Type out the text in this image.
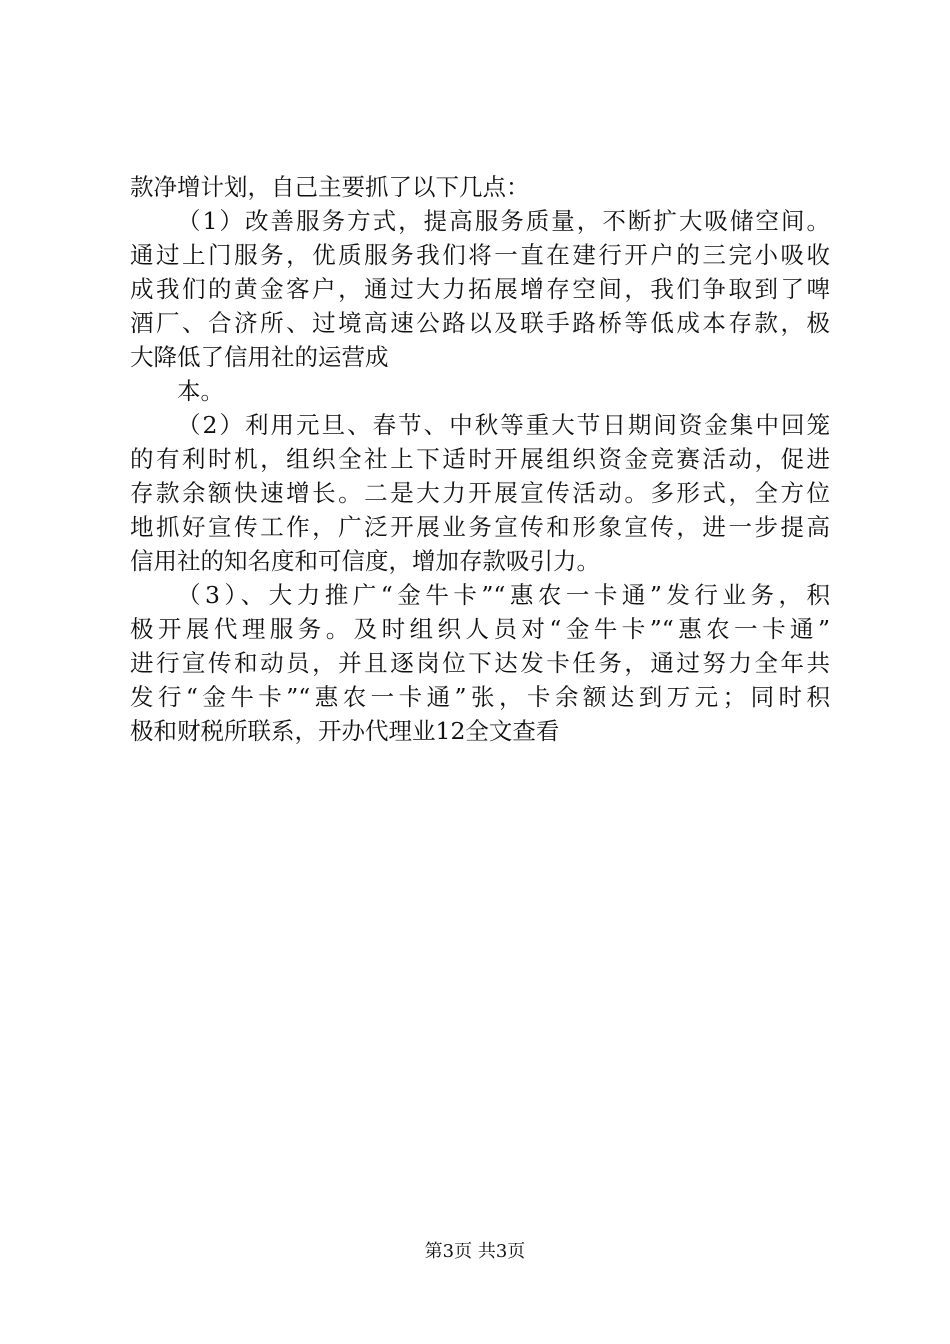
款净增计划，自己主要抓了以下几点：
（1）改善服务方式，提高服务质量，不断扩大吸储空间。
通过上门服务，优质服务我们将一直在建行开户的三完小吸收
成我们的黄金客户，通过大力拓展增存空间，我们争取到了啤
酒厂、合济所、过境高速公路以及联手路桥等低成本存款，极
大降低了信用社的运营成
本。
（2）利用元旦、春节、中秋等重大节日期间资金集中回笼
的有利时机，组织全社上下适时开展组织资金竞赛活动，促进
存款余额快速增长。二是大力开展宣传活动。多形式，全方位
地抓好宣传工作，广泛开展业务宣传和形象宣传，进一步提高
信用社的知名度和可信度，增加存款吸引力。
（3）、大力推广“金牛卡”“惠农一卡通”发行业务，积
极开展代理服务。及时组织人员对“金牛卡”“惠农一卡通”
进行宣传和动员，并且逐岗位下达发卡任务，通过努力全年共
发行“金牛卡”“惠农一卡通”张，卡余额达到万元；同时积
极和财税所联系，开办代理业12全文查看
第3页 共3页
